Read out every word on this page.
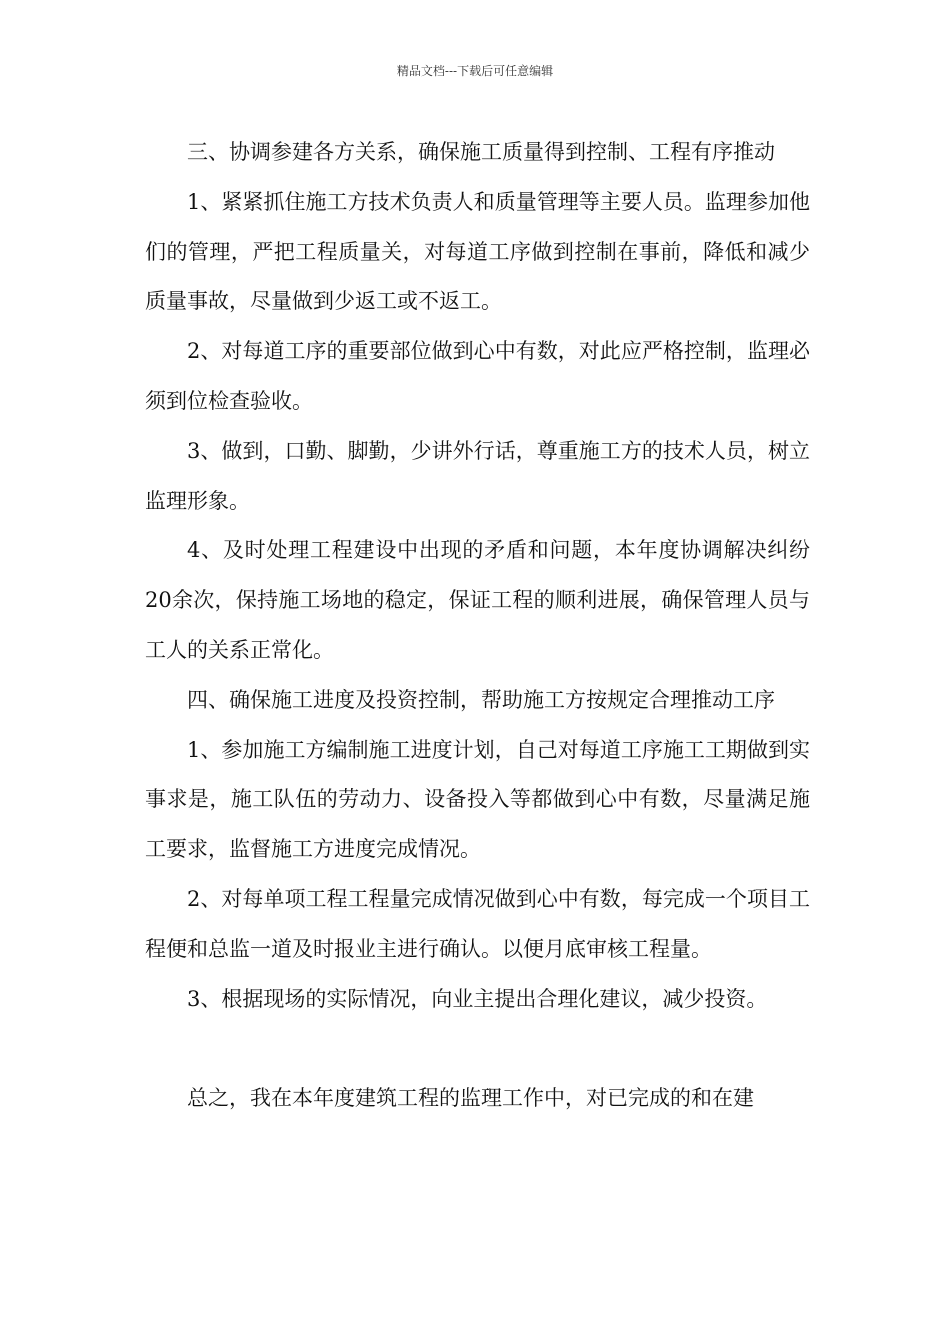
精品文档---下载后可任意编辑

三、协调参建各方关系，确保施工质量得到控制、工程有序推动

1、紧紧抓住施工方技术负责人和质量管理等主要人员。监理参加他们的管理，严把工程质量关，对每道工序做到控制在事前，降低和减少质量事故，尽量做到少返工或不返工。

2、对每道工序的重要部位做到心中有数，对此应严格控制，监理必须到位检查验收。

3、做到，口勤、脚勤，少讲外行话，尊重施工方的技术人员，树立监理形象。

4、及时处理工程建设中出现的矛盾和问题，本年度协调解决纠纷20余次，保持施工场地的稳定，保证工程的顺利进展，确保管理人员与工人的关系正常化。

四、确保施工进度及投资控制，帮助施工方按规定合理推动工序

1、参加施工方编制施工进度计划，自己对每道工序施工工期做到实事求是，施工队伍的劳动力、设备投入等都做到心中有数，尽量满足施工要求，监督施工方进度完成情况。

2、对每单项工程工程量完成情况做到心中有数，每完成一个项目工程便和总监一道及时报业主进行确认。以便月底审核工程量。

3、根据现场的实际情况，向业主提出合理化建议，减少投资。

总之，我在本年度建筑工程的监理工作中，对已完成的和在建
